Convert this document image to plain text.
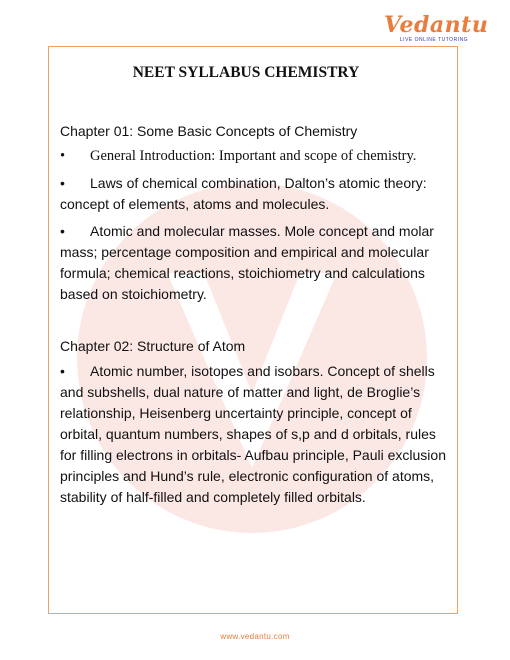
Vedantu
LIVE ONLINE TUTORING
NEET SYLLABUS CHEMISTRY
Chapter 01: Some Basic Concepts of Chemistry
• General Introduction: Important and scope of chemistry.
• Laws of chemical combination, Dalton’s atomic theory: concept of elements, atoms and molecules.
• Atomic and molecular masses. Mole concept and molar mass; percentage composition and empirical and molecular formula; chemical reactions, stoichiometry and calculations based on stoichiometry.
Chapter 02: Structure of Atom
• Atomic number, isotopes and isobars. Concept of shells and subshells, dual nature of matter and light, de Broglie’s relationship, Heisenberg uncertainty principle, concept of orbital, quantum numbers, shapes of s,p and d orbitals, rules for filling electrons in orbitals- Aufbau principle, Pauli exclusion principles and Hund’s rule, electronic configuration of atoms, stability of half-filled and completely filled orbitals.
www.vedantu.com
